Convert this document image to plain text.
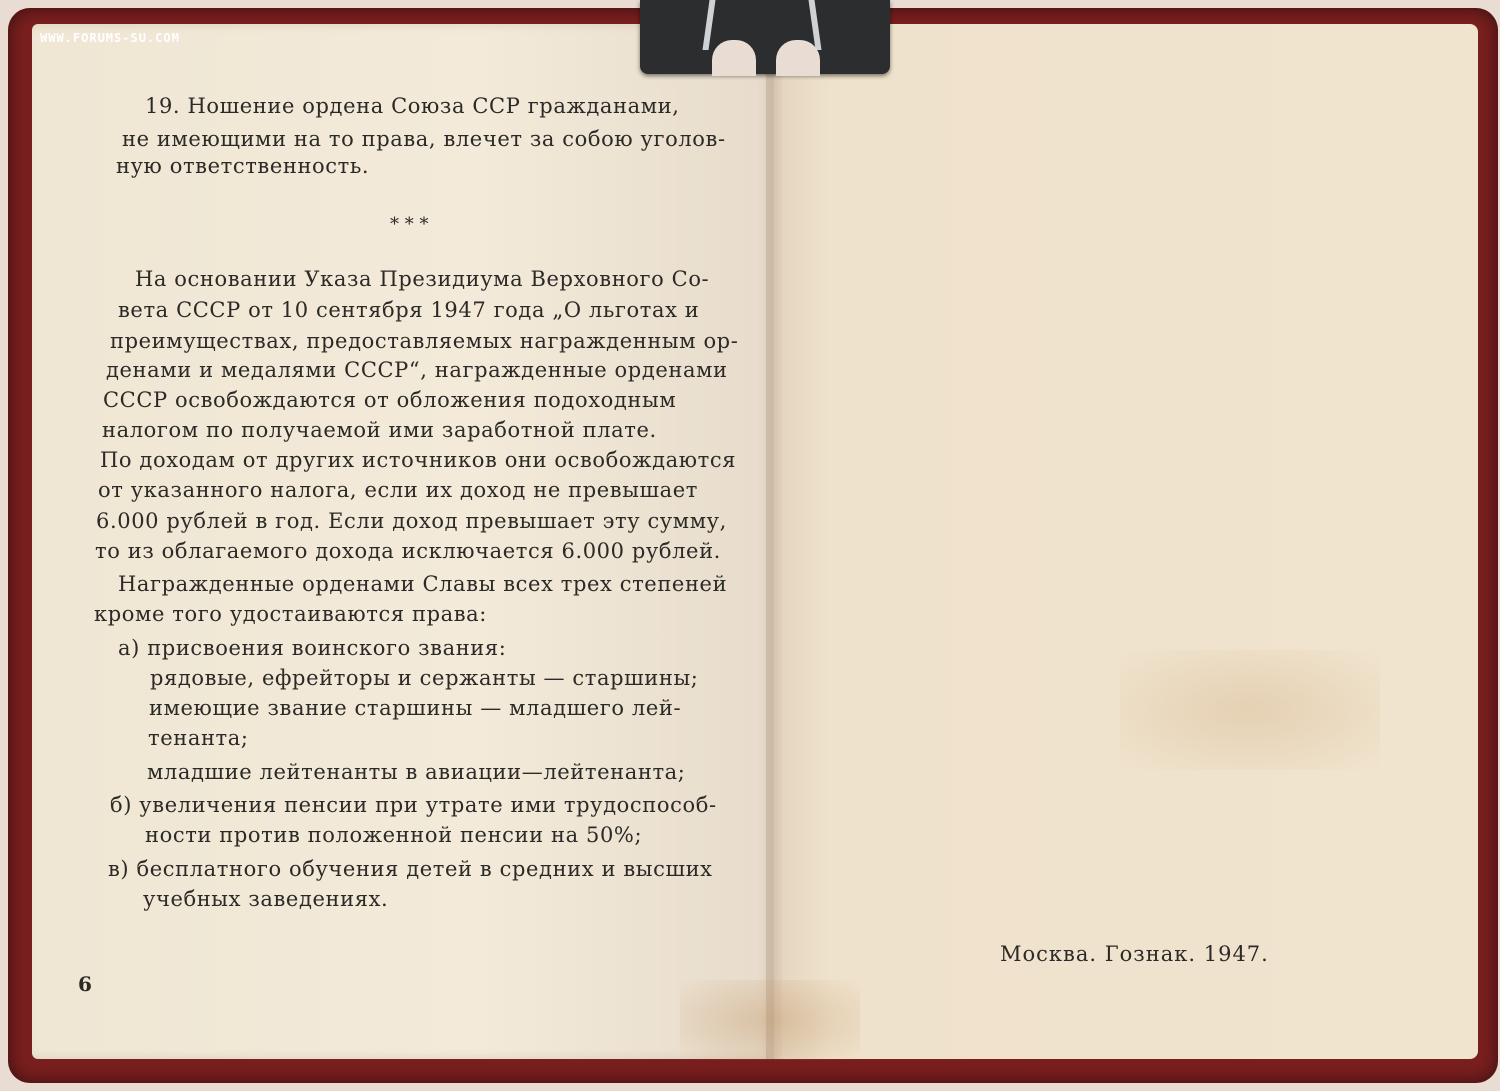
WWW.FORUMS-SU.COM
19. Ношение ордена Союза ССР гражданами,
не имеющими на то права, влечет за собою уголов-
ную ответственность.
* * *
На основании Указа Президиума Верховного Со-
вета СССР от 10 сентября 1947 года „О льготах и
преимуществах, предоставляемых награжденным ор-
денами и медалями СССР“, награжденные орденами
СССР освобождаются от обложения подоходным
налогом по получаемой ими заработной плате.
По доходам от других источников они освобождаются
от указанного налога, если их доход не превышает
6.000 рублей в год. Если доход превышает эту сумму,
то из облагаемого дохода исключается 6.000 рублей.
Награжденные орденами Славы всех трех степеней
кроме того удостаиваются права:
а) присвоения воинского звания:
рядовые, ефрейторы и сержанты — старшины;
имеющие звание старшины — младшего лей-
тенанта;
младшие лейтенанты в авиации—лейтенанта;
б) увеличения пенсии при утрате ими трудоспособ-
ности против положенной пенсии на 50%;
в) бесплатного обучения детей в средних и высших
учебных заведениях.
6
Москва. Гознак. 1947.
